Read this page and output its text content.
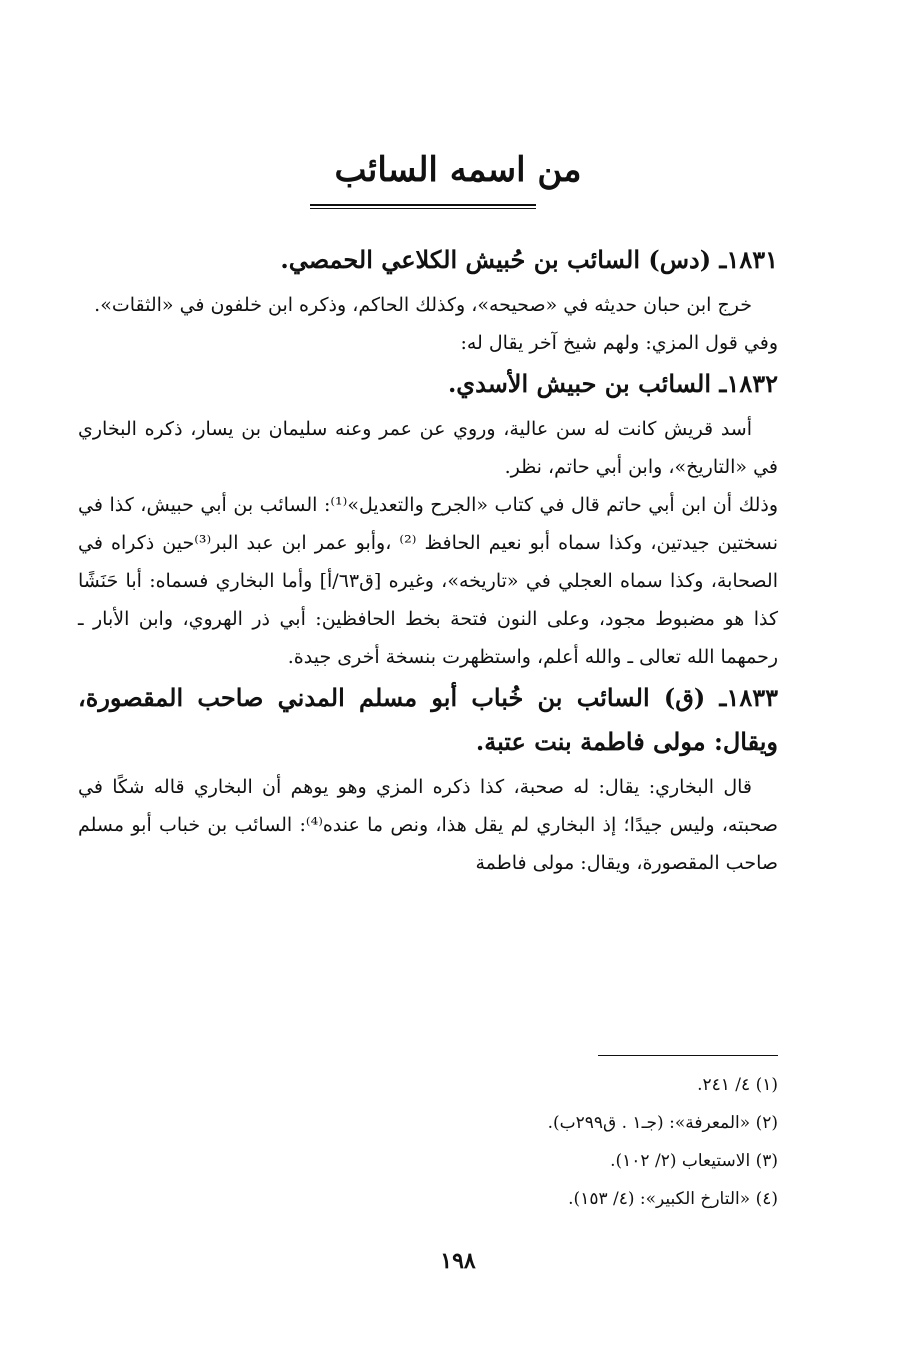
من اسمه السائب

١٨٣١ـ (دس) السائب بن حُبيش الكلاعي الحمصي.

خرج ابن حبان حديثه في «صحيحه»، وكذلك الحاكم، وذكره ابن خلفون في «الثقات».

وفي قول المزي: ولهم شيخ آخر يقال له:

١٨٣٢ـ السائب بن حبيش الأسدي.

أسد قريش كانت له سن عالية، وروي عن عمر وعنه سليمان بن يسار، ذكره البخاري في «التاريخ»، وابن أبي حاتم، نظر.

وذلك أن ابن أبي حاتم قال في كتاب «الجرح والتعديل»⁽¹⁾: السائب بن أبي حبيش، كذا في نسختين جيدتين، وكذا سماه أبو نعيم الحافظ ⁽²⁾ ،وأبو عمر ابن عبد البر⁽³⁾حين ذكراه في الصحابة، وكذا سماه العجلي في «تاريخه»، وغيره [ق٦٣/أ] وأما البخاري فسماه: أبا حَنَشًا كذا هو مضبوط مجود، وعلى النون فتحة بخط الحافظين: أبي ذر الهروي، وابن الأبار ـ رحمهما الله تعالى ـ والله أعلم، واستظهرت بنسخة أخرى جيدة.

١٨٣٣ـ (ق) السائب بن خُباب أبو مسلم المدني صاحب المقصورة، ويقال: مولى فاطمة بنت عتبة.

قال البخاري: يقال: له صحبة، كذا ذكره المزي وهو يوهم أن البخاري قاله شكًا في صحبته، وليس جيدًا؛ إذ البخاري لم يقل هذا، ونص ما عنده⁽⁴⁾: السائب بن خباب أبو مسلم صاحب المقصورة، ويقال: مولى فاطمة

(١) ٤/ ٢٤١.
(٢) «المعرفة»: (جـ١ . ق٢٩٩ب).
(٣) الاستيعاب (٢/ ١٠٢).
(٤) «التارخ الكبير»: (٤/ ١٥٣).
١٩٨
